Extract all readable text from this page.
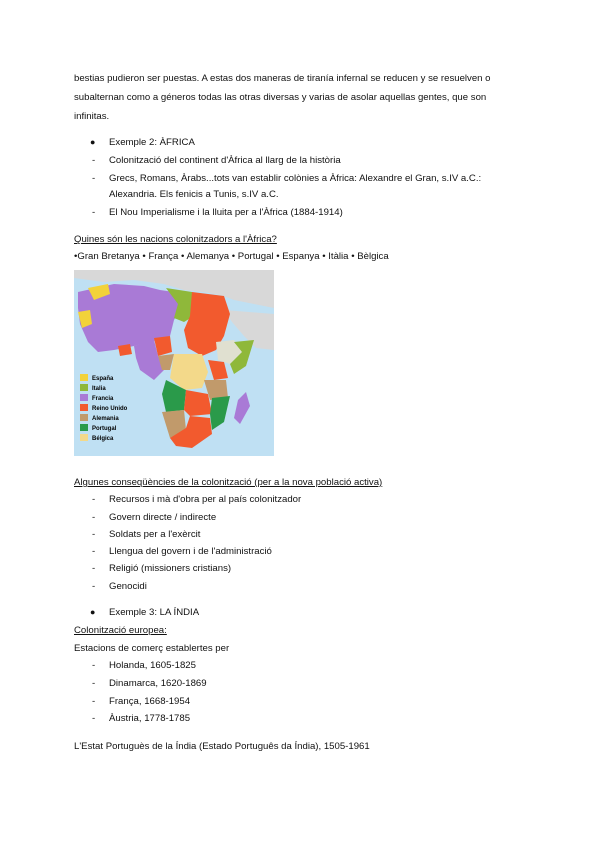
bestias pudieron ser puestas. A estas dos maneras de tiranía infernal se reducen y se resuelven o
subalternan como a géneros todas las otras diversas y varias de asolar aquellas gentes, que son
infinitas.
● Exemple 2: ÀFRICA
- Colonització del continent d'Àfrica al llarg de la història
- Grecs, Romans, Àrabs...tots van establir colònies a Àfrica: Alexandre el Gran, s.IV a.C.:
Alexandria. Els fenicis a Tunis, s.IV a.C.
- El Nou Imperialisme i la lluita per a l'Àfrica (1884-1914)
Quines són les nacions colonitzadors a l'Àfrica?
•Gran Bretanya • França • Alemanya • Portugal • Espanya • Itàlia • Bèlgica
España
Italia
Francia
Reino Unido
Alemania
Portugal
Bélgica
Algunes conseqüències de la colonització (per a la nova població activa)
- Recursos i mà d'obra per al país colonitzador
- Govern directe / indirecte
- Soldats per a l'exèrcit
- Llengua del govern i de l'administració
- Religió (missioners cristians)
- Genocidi
● Exemple 3: LA ÍNDIA
Colonització europea:
Estacions de comerç establertes per
- Holanda, 1605-1825
- Dinamarca, 1620-1869
- França, 1668-1954
- Àustria, 1778-1785
L'Estat Portuguès de la Índia (Estado Português da Índia), 1505-1961
